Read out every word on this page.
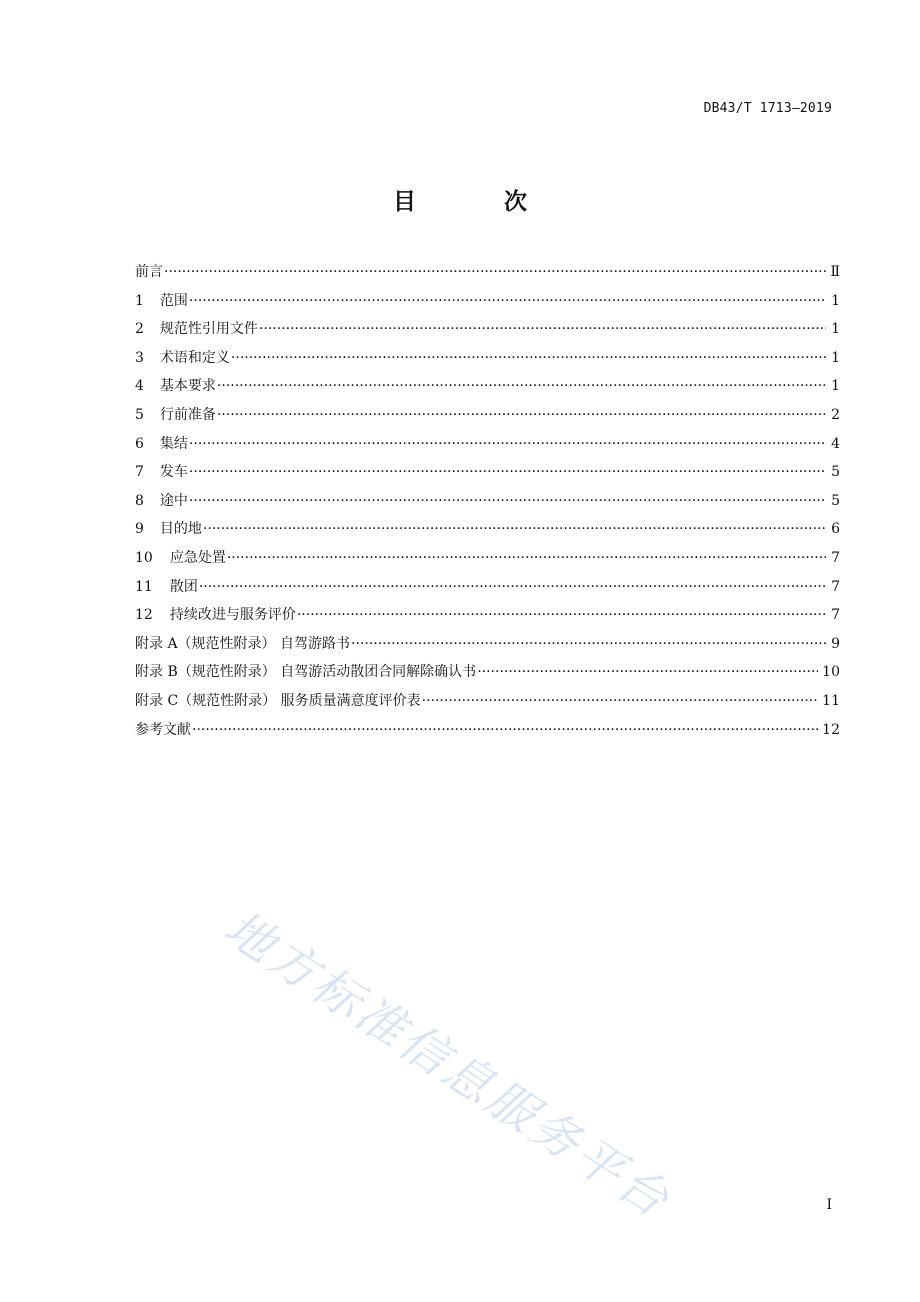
DB43/T 1713—2019
目 次
前言 ·····	Ⅱ
1 范围 ·····	1
2 规范性引用文件 ·····	1
3 术语和定义 ·····	1
4 基本要求 ·····	1
5 行前准备 ·····	2
6 集结 ·····	4
7 发车 ·····	5
8 途中 ·····	5
9 目的地 ·····	6
10 应急处置 ·····	7
11 散团 ·····	7
12 持续改进与服务评价 ·····	7
附录 A（规范性附录） 自驾游路书 ·····	9
附录 B（规范性附录） 自驾游活动散团合同解除确认书 ·····	10
附录 C（规范性附录） 服务质量满意度评价表 ·····	11
参考文献 ·····	12
地方标准信息服务平台	I
